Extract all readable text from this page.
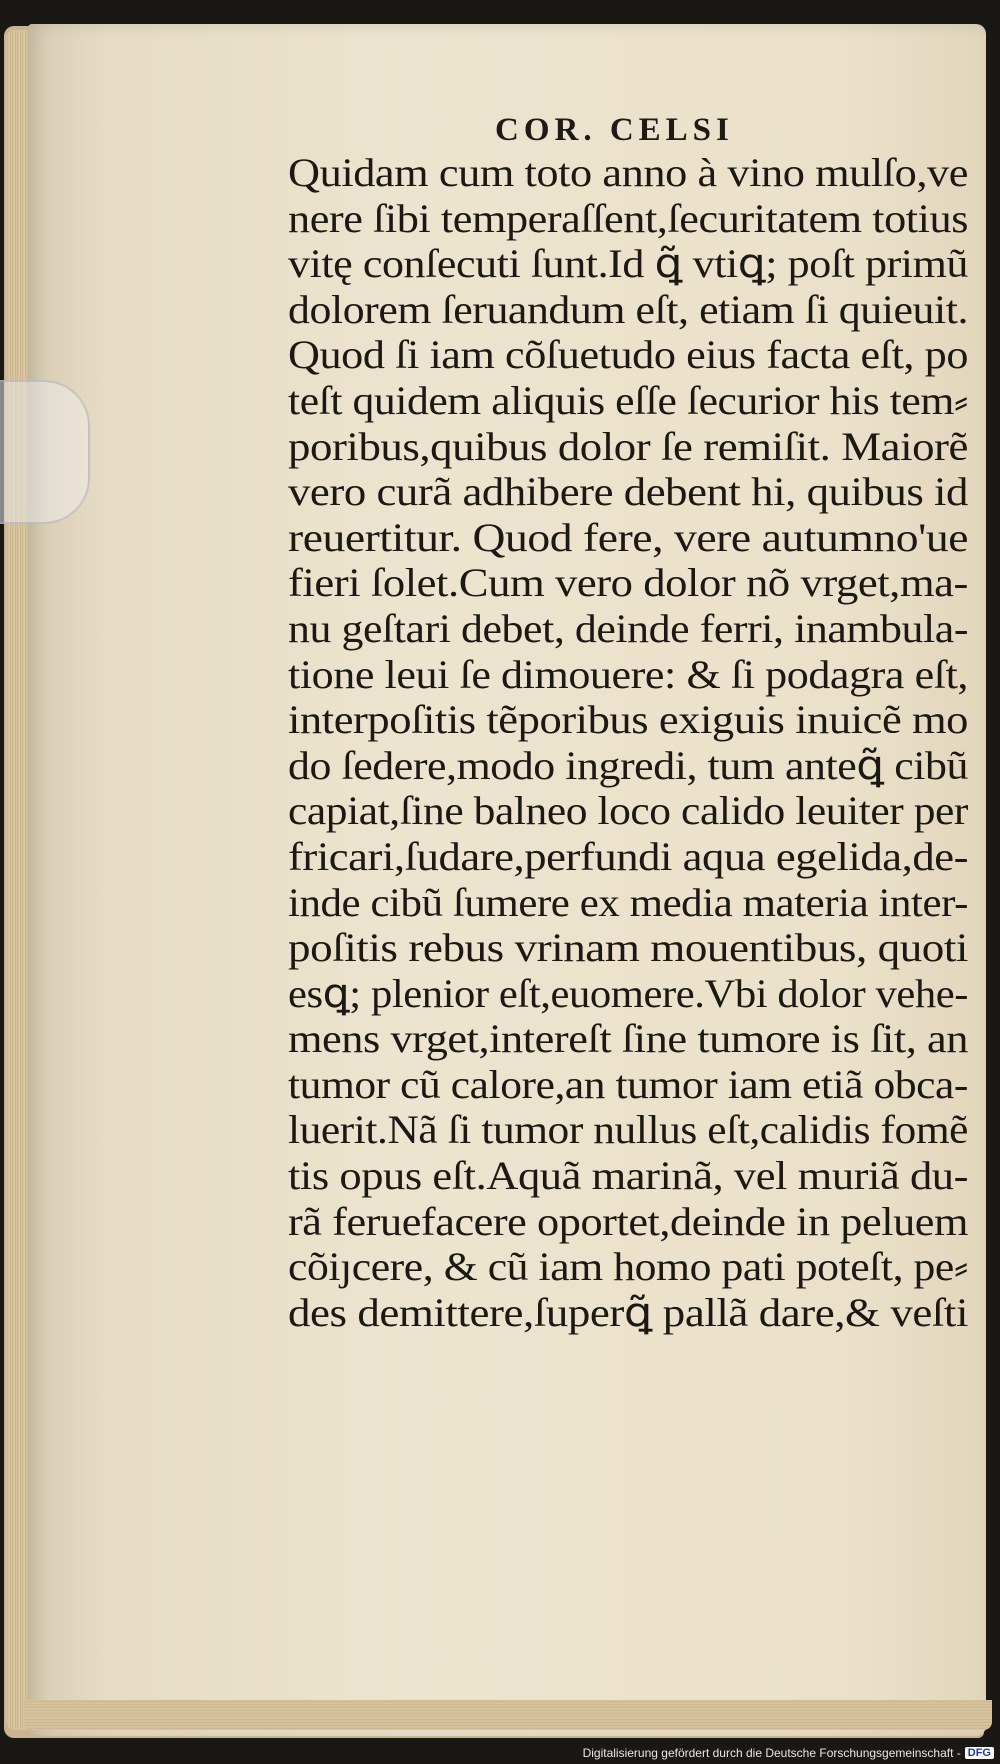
COR. CELSI
Quidam cum toto anno à vino mulſo,ve
nere ſibi temperaſſent,ſecuritatem totius
vitę conſecuti ſunt.Id ꝗ̃ vtiꝗ; poſt primũ
dolorem ſeruandum eſt, etiam ſi quieuit.
Quod ſi iam cõſuetudo eius facta eſt, po
teſt quidem aliquis eſſe ſecurior his tem⸗
poribus,quibus dolor ſe remiſit. Maiorẽ
vero curã adhibere debent hi, quibus id
reuertitur. Quod fere, vere autumno'ue
fieri ſolet.Cum vero dolor nõ vrget,ma-
nu geſtari debet, deinde ferri, inambula-
tione leui ſe dimouere: & ſi podagra eſt,
interpoſitis tẽporibus exiguis inuicẽ mo
do ſedere,modo ingredi, tum anteꝗ̃ cibũ
capiat,ſine balneo loco calido leuiter per
fricari,ſudare,perfundi aqua egelida,de-
inde cibũ ſumere ex media materia inter-
poſitis rebus vrinam mouentibus, quoti
esꝗ; plenior eſt,euomere.Vbi dolor vehe-
mens vrget,intereſt ſine tumore is ſit, an
tumor cũ calore,an tumor iam etiã obca-
luerit.Nã ſi tumor nullus eſt,calidis fomẽ
tis opus eſt.Aquã marinã, vel muriã du-
rã feruefacere oportet,deinde in peluem
cõiȷcere, & cũ iam homo pati poteſt, pe⸗
des demittere,ſuperꝗ̃ pallã dare,& veſti
Digitalisierung gefördert durch die Deutsche Forschungsgemeinschaft - DFG
